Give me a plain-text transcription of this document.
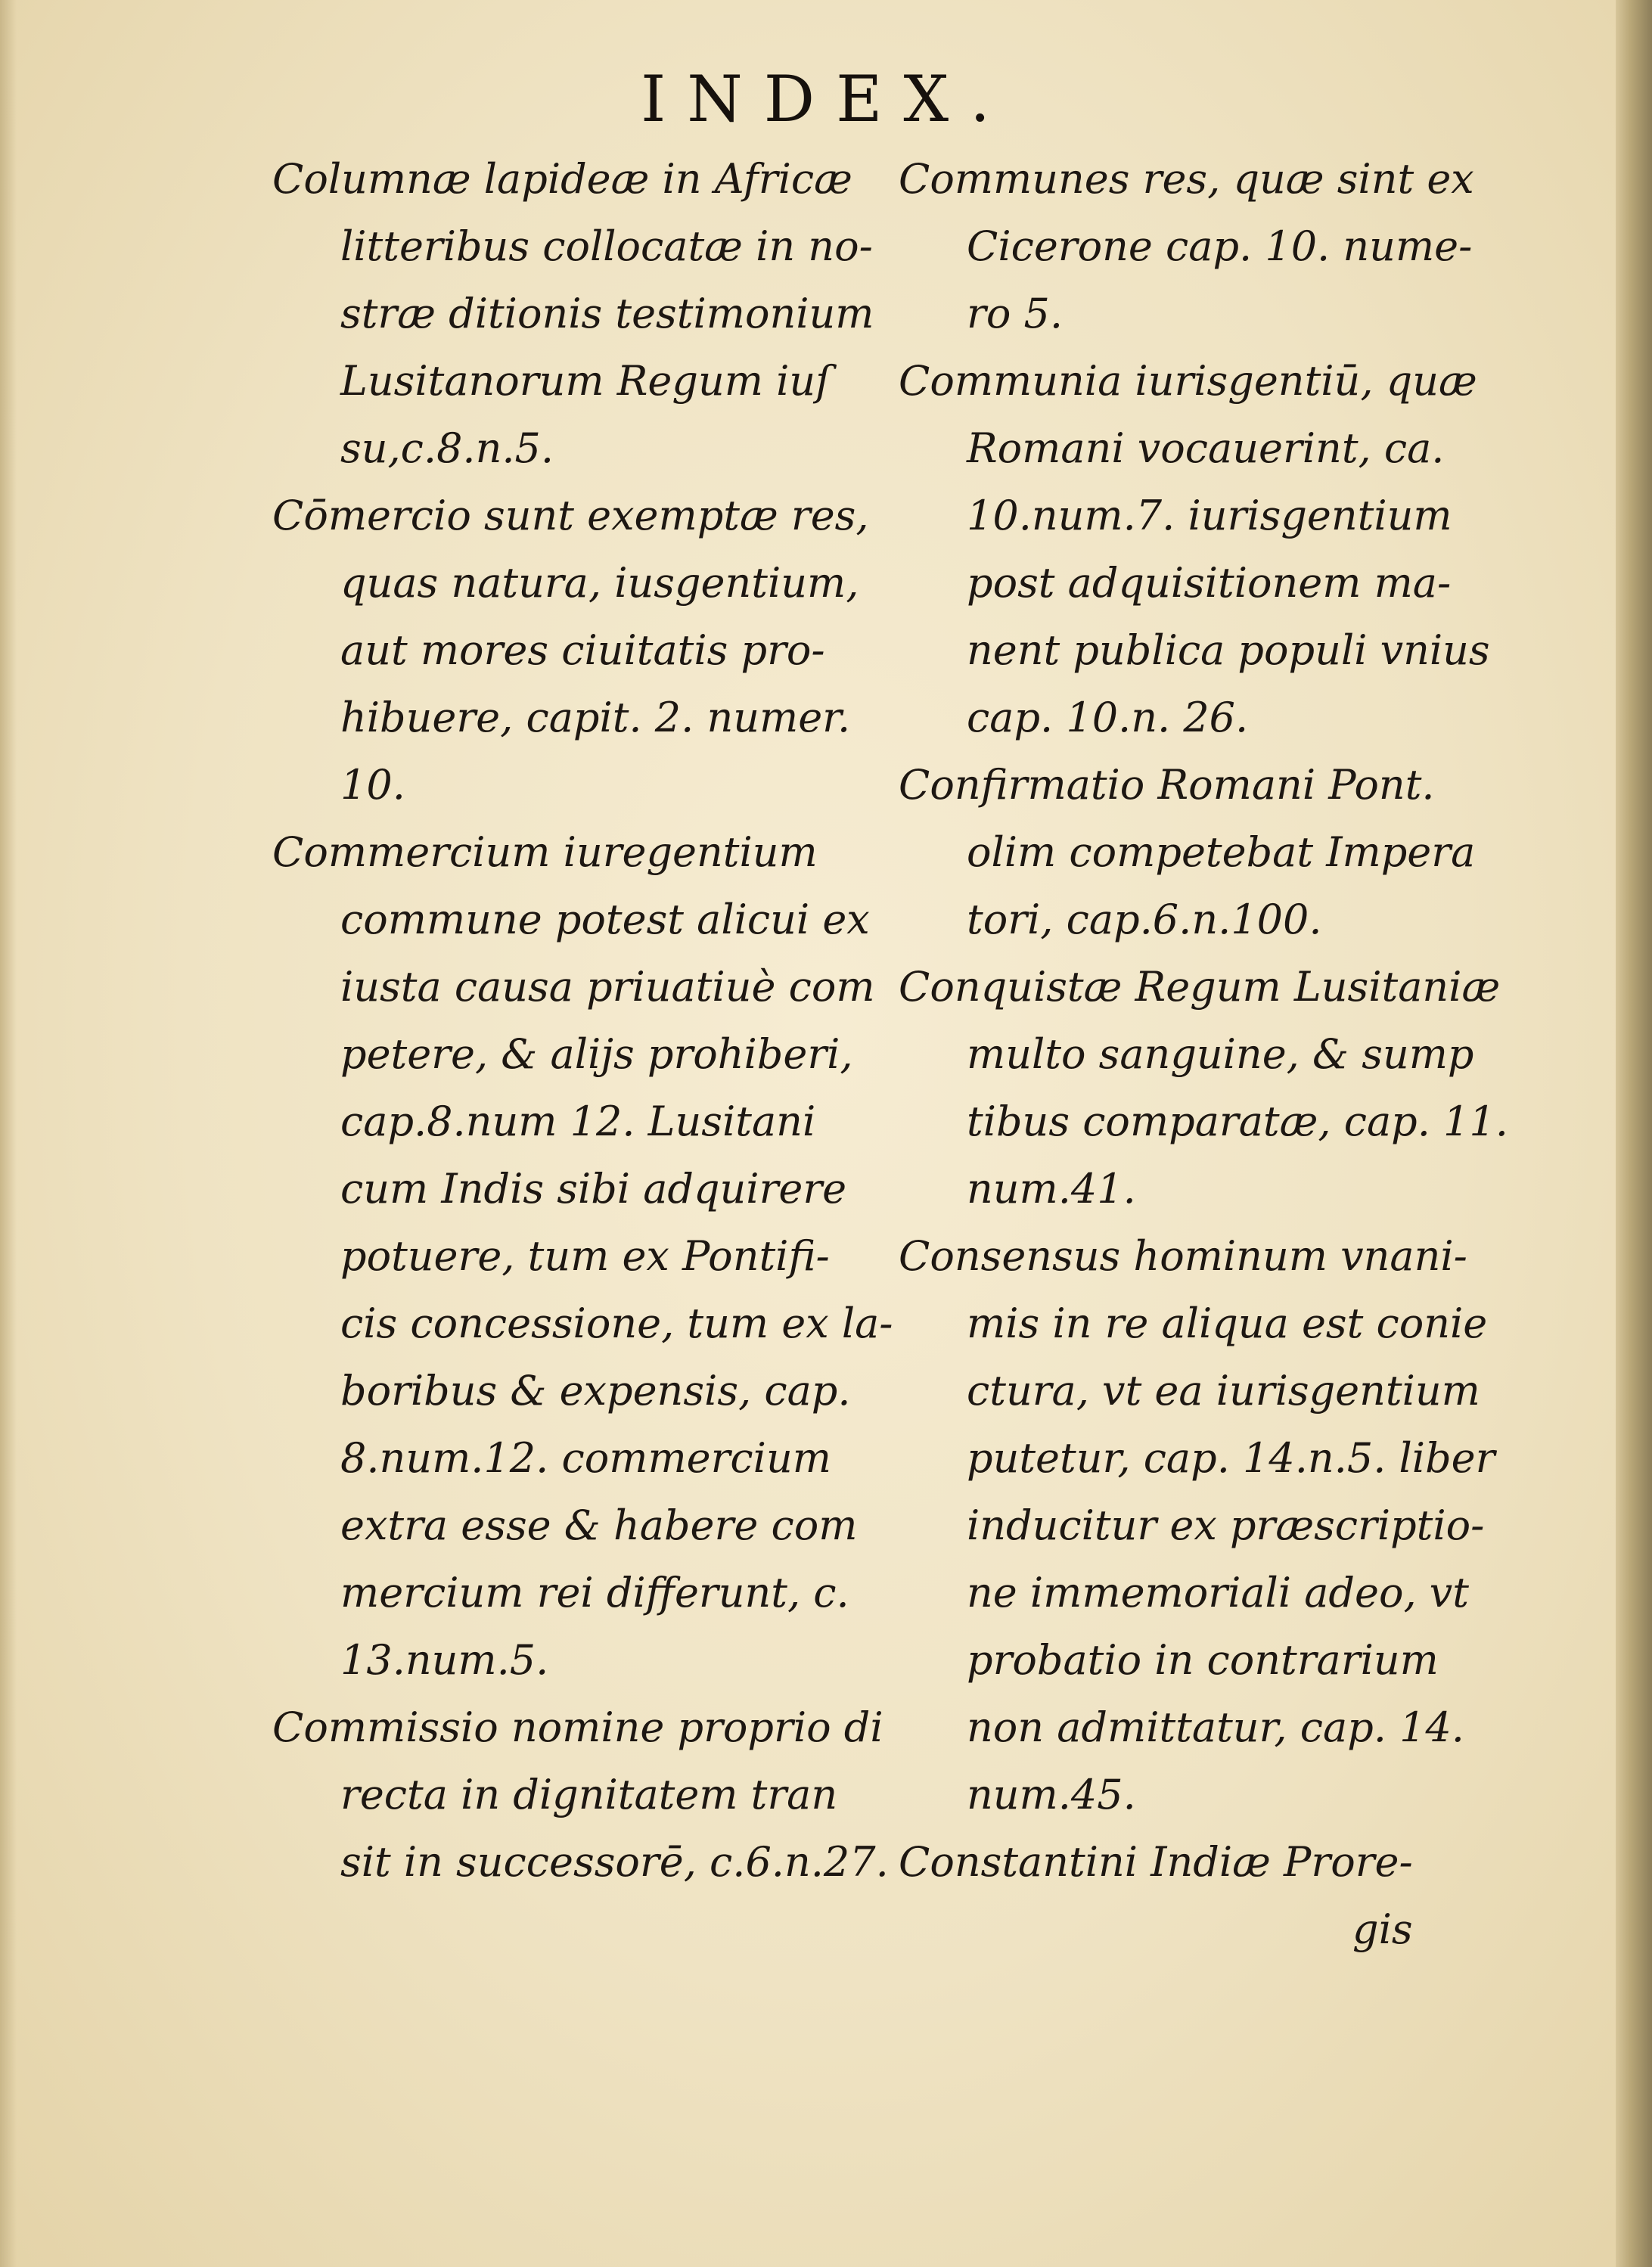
INDEX.
Columnæ lapideæ in Africæ
litteribus collocatæ in no-
stræ ditionis testimonium
Lusitanorum Regum iuſ
su,c.8.n.5.
Cōmercio sunt exemptæ res,
quas natura, iusgentium,
aut mores ciuitatis pro-
hibuere, capit. 2. numer.
10.
Commercium iuregentium
commune potest alicui ex
iusta causa priuatiuè com
petere, & alijs prohiberi,
cap.8.num 12. Lusitani
cum Indis sibi adquirere
potuere, tum ex Pontifi-
cis concessione, tum ex la-
boribus & expensis, cap.
8.num.12. commercium
extra esse & habere com
mercium rei differunt, c.
13.num.5.
Commissio nomine proprio di
recta in dignitatem tran
sit in successorē, c.6.n.27.
Communes res, quæ sint ex
Cicerone cap. 10. nume-
ro 5.
Communia iurisgentiū, quæ
Romani vocauerint, ca.
10.num.7. iurisgentium
post adquisitionem ma-
nent publica populi vnius
cap. 10.n. 26.
Confirmatio Romani Pont.
olim competebat Impera
tori, cap.6.n.100.
Conquistæ Regum Lusitaniæ
multo sanguine, & sump
tibus comparatæ, cap. 11.
num.41.
Consensus hominum vnani-
mis in re aliqua est conie
ctura, vt ea iurisgentium
putetur, cap. 14.n.5. liber
inducitur ex præscriptio-
ne immemoriali adeo, vt
probatio in contrarium
non admittatur, cap. 14.
num.45.
Constantini Indiæ Prore-
gis
